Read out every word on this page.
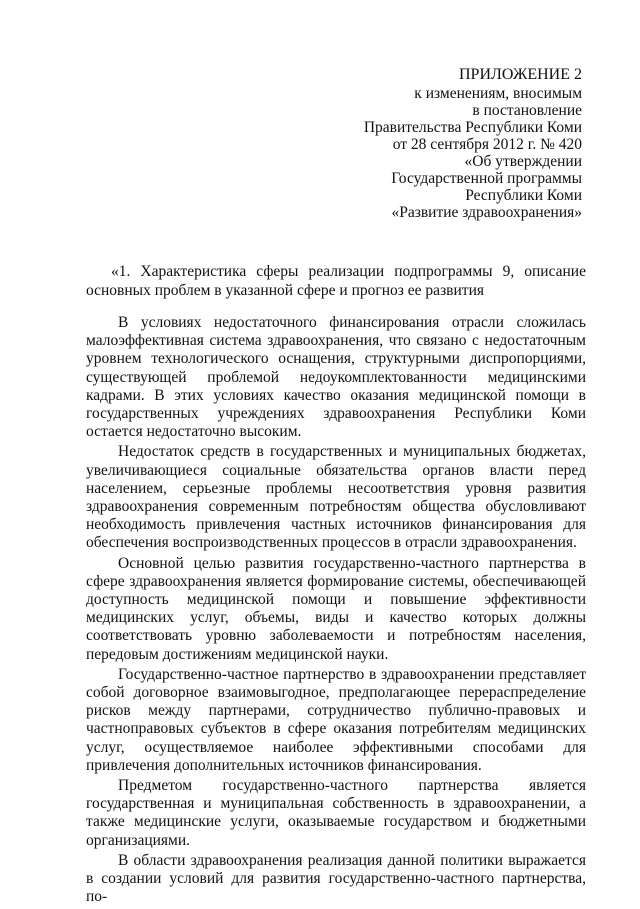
ПРИЛОЖЕНИЕ 2
к изменениям, вносимым
в постановление
Правительства Республики Коми
от 28 сентября 2012 г. № 420
«Об утверждении
Государственной программы
Республики Коми
«Развитие здравоохранения»
«1. Характеристика сферы реализации подпрограммы 9, описание основных проблем в указанной сфере и прогноз ее развития

В условиях недостаточного финансирования отрасли сложилась малоэффективная система здравоохранения, что связано с недостаточным уровнем технологического оснащения, структурными диспропорциями, существующей проблемой недоукомплектованности медицинскими кадрами. В этих условиях качество оказания медицинской помощи в государственных учреждениях здравоохранения Республики Коми остается недостаточно высоким.

Недостаток средств в государственных и муниципальных бюджетах, увеличивающиеся социальные обязательства органов власти перед населением, серьезные проблемы несоответствия уровня развития здравоохранения современным потребностям общества обусловливают необходимость привлечения частных источников финансирования для обеспечения воспроизводственных процессов в отрасли здравоохранения.

Основной целью развития государственно-частного партнерства в сфере здравоохранения является формирование системы, обеспечивающей доступность медицинской помощи и повышение эффективности медицинских услуг, объемы, виды и качество которых должны соответствовать уровню заболеваемости и потребностям населения, передовым достижениям медицинской науки.

Государственно-частное партнерство в здравоохранении представляет собой договорное взаимовыгодное, предполагающее перераспределение рисков между партнерами, сотрудничество публично-правовых и частноправовых субъектов в сфере оказания потребителям медицинских услуг, осуществляемое наиболее эффективными способами для привлечения дополнительных источников финансирования.

Предметом государственно-частного партнерства является государственная и муниципальная собственность в здравоохранении, а также медицинские услуги, оказываемые государством и бюджетными организациями.

В области здравоохранения реализация данной политики выражается в создании условий для развития государственно-частного партнерства, по-
